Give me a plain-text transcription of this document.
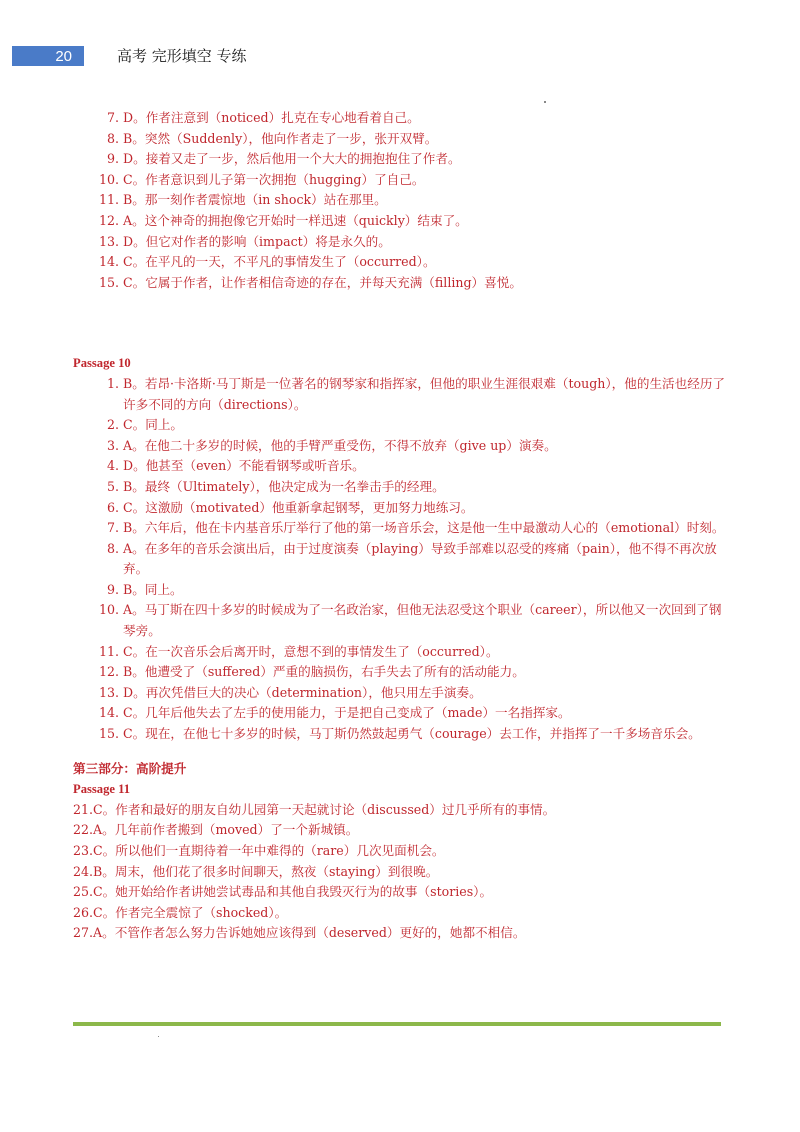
20	高考 完形填空 专练
7. D。作者注意到（noticed）扎克在专心地看着自己。
8. B。突然（Suddenly），他向作者走了一步，张开双臂。
9. D。接着又走了一步，然后他用一个大大的拥抱抱住了作者。
10. C。作者意识到儿子第一次拥抱（hugging）了自己。
11. B。那一刻作者震惊地（in shock）站在那里。
12. A。这个神奇的拥抱像它开始时一样迅速（quickly）结束了。
13. D。但它对作者的影响（impact）将是永久的。
14. C。在平凡的一天，不平凡的事情发生了（occurred）。
15. C。它属于作者，让作者相信奇迹的存在，并每天充满（filling）喜悦。
Passage 10
1. B。若昂·卡洛斯·马丁斯是一位著名的钢琴家和指挥家，但他的职业生涯很艰难（tough），他的生活也经历了许多不同的方向（directions）。
2. C。同上。
3. A。在他二十多岁的时候，他的手臂严重受伤，不得不放弃（give up）演奏。
4. D。他甚至（even）不能看钢琴或听音乐。
5. B。最终（Ultimately），他决定成为一名拳击手的经理。
6. C。这激励（motivated）他重新拿起钢琴，更加努力地练习。
7. B。六年后，他在卡内基音乐厅举行了他的第一场音乐会，这是他一生中最激动人心的（emotional）时刻。
8. A。在多年的音乐会演出后，由于过度演奏（playing）导致手部难以忍受的疼痛（pain），他不得不再次放弃。
9. B。同上。
10. A。马丁斯在四十多岁的时候成为了一名政治家，但他无法忍受这个职业（career），所以他又一次回到了钢琴旁。
11. C。在一次音乐会后离开时，意想不到的事情发生了（occurred）。
12. B。他遭受了（suffered）严重的脑损伤，右手失去了所有的活动能力。
13. D。再次凭借巨大的决心（determination），他只用左手演奏。
14. C。几年后他失去了左手的使用能力，于是把自己变成了（made）一名指挥家。
15. C。现在，在他七十多岁的时候，马丁斯仍然鼓起勇气（courage）去工作，并指挥了一千多场音乐会。
第三部分：高阶提升
Passage 11
21. C。作者和最好的朋友自幼儿园第一天起就讨论（discussed）过几乎所有的事情。
22. A。几年前作者搬到（moved）了一个新城镇。
23. C。所以他们一直期待着一年中难得的（rare）几次见面机会。
24. B。周末，他们花了很多时间聊天，熬夜（staying）到很晚。
25. C。她开始给作者讲她尝试毒品和其他自我毁灭行为的故事（stories）。
26. C。作者完全震惊了（shocked）。
27. A。不管作者怎么努力告诉她她应该得到（deserved）更好的，她都不相信。
